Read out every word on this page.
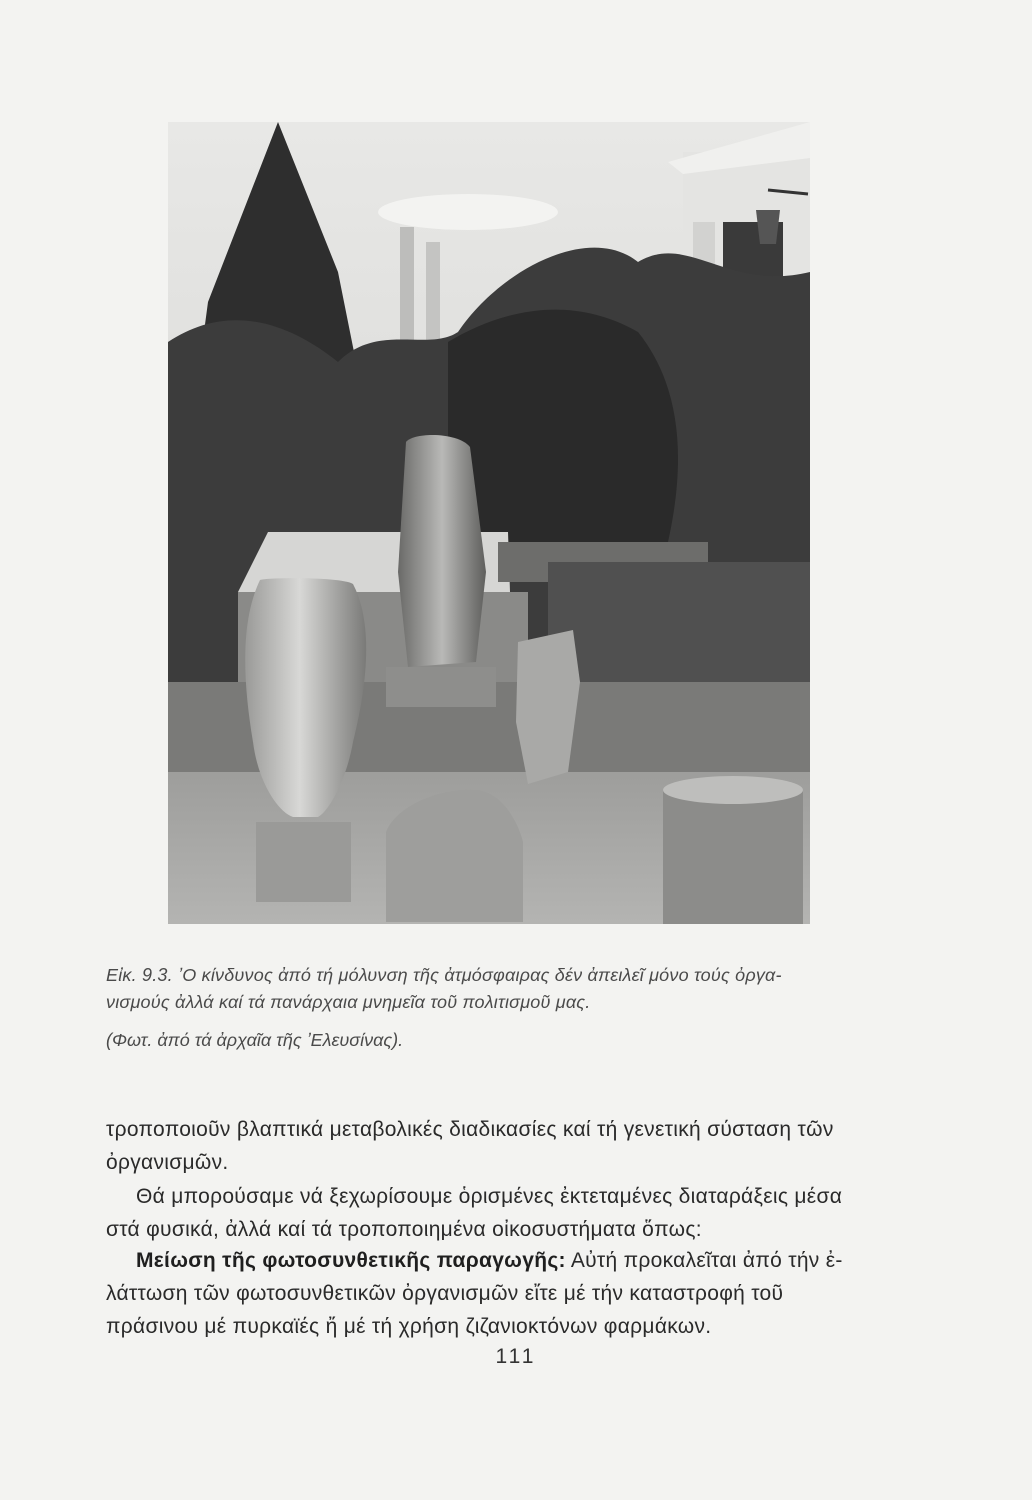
Εἰκ. 9.3. ʼΟ κίνδυνος ἀπό τή μόλυνση τῆς ἀτμόσφαιρας δέν ἀπειλεῖ μόνο τούς ὀργα-
νισμούς ἀλλά καί τά πανάρχαια μνημεῖα τοῦ πολιτισμοῦ μας.
(Φωτ. ἀπό τά ἀρχαῖα τῆς ʼΕλευσίνας).
τροποποιοῦν βλαπτικά μεταβολικές διαδικασίες καί τή γενετική σύσταση τῶν
ὀργανισμῶν.
Θά μπορούσαμε νά ξεχωρίσουμε ὁρισμένες ἐκτεταμένες διαταράξεις μέσα
στά φυσικά, ἀλλά καί τά τροποποιημένα οἰκοσυστήματα ὅπως:
Μείωση τῆς φωτοσυνθετικῆς παραγωγῆς: Αὐτή προκαλεῖται ἀπό τήν ἐ-
λάττωση τῶν φωτοσυνθετικῶν ὀργανισμῶν εἴτε μέ τήν καταστροφή τοῦ
πράσινου μέ πυρκαϊές ἤ μέ τή χρήση ζιζανιοκτόνων φαρμάκων.
111
